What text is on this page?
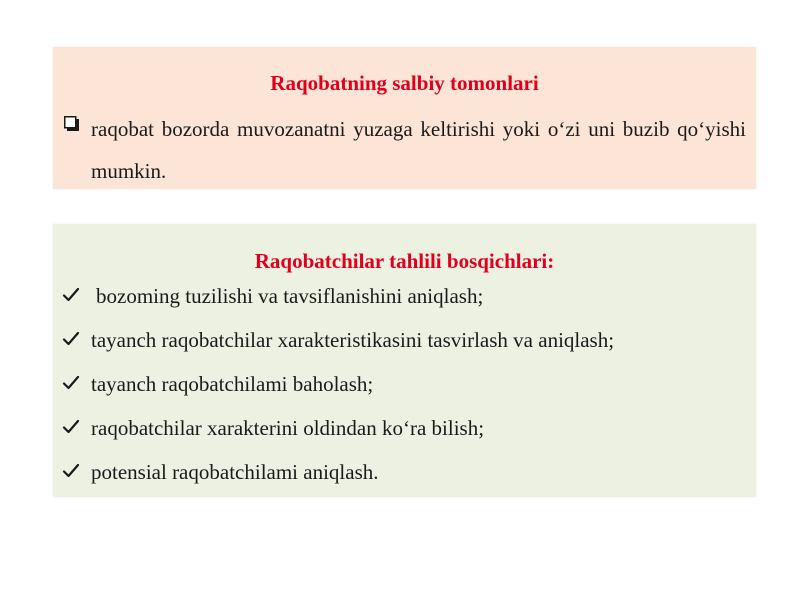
Raqobatning salbiy tomonlari
raqobat bozorda muvozanatni yuzaga keltirishi yoki o‘zi uni buzib qo‘yishi mumkin.
Raqobatchilar tahlili bosqichlari:
bozoming tuzilishi va tavsiflanishini aniqlash;
tayanch raqobatchilar xarakteristikasini tasvirlash va aniqlash;
tayanch raqobatchilami baholash;
raqobatchilar xarakterini oldindan ko‘ra bilish;
potensial raqobatchilami aniqlash.
